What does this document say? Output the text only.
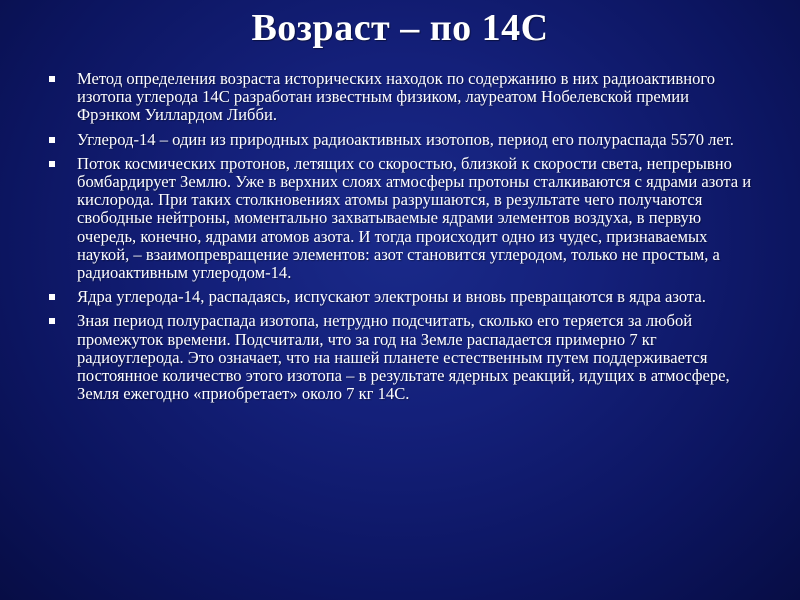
Возраст – по 14С
Метод определения возраста исторических находок по содержанию в них радиоактивного изотопа углерода 14С разработан известным физиком, лауреатом Нобелевской премии Фрэнком Уиллардом Либби.
Углерод-14 – один из природных радиоактивных изотопов, период его полураспада 5570 лет.
Поток космических протонов, летящих со скоростью, близкой к скорости света, непрерывно бомбардирует Землю. Уже в верхних слоях атмосферы протоны сталкиваются с ядрами азота и кислорода. При таких столкновениях атомы разрушаются, в результате чего получаются свободные нейтроны, моментально захватываемые ядрами элементов воздуха, в первую очередь, конечно, ядрами атомов азота. И тогда происходит одно из чудес, признаваемых наукой, – взаимопревращение элементов: азот становится углеродом, только не простым, а радиоактивным углеродом-14.
Ядра углерода-14, распадаясь, испускают электроны и вновь превращаются в ядра азота.
Зная период полураспада изотопа, нетрудно подсчитать, сколько его теряется за любой промежуток времени. Подсчитали, что за год на Земле распадается примерно 7 кг радиоуглерода. Это означает, что на нашей планете естественным путем поддерживается постоянное количество этого изотопа – в результате ядерных реакций, идущих в атмосфере, Земля ежегодно «приобретает» около 7 кг 14С.
